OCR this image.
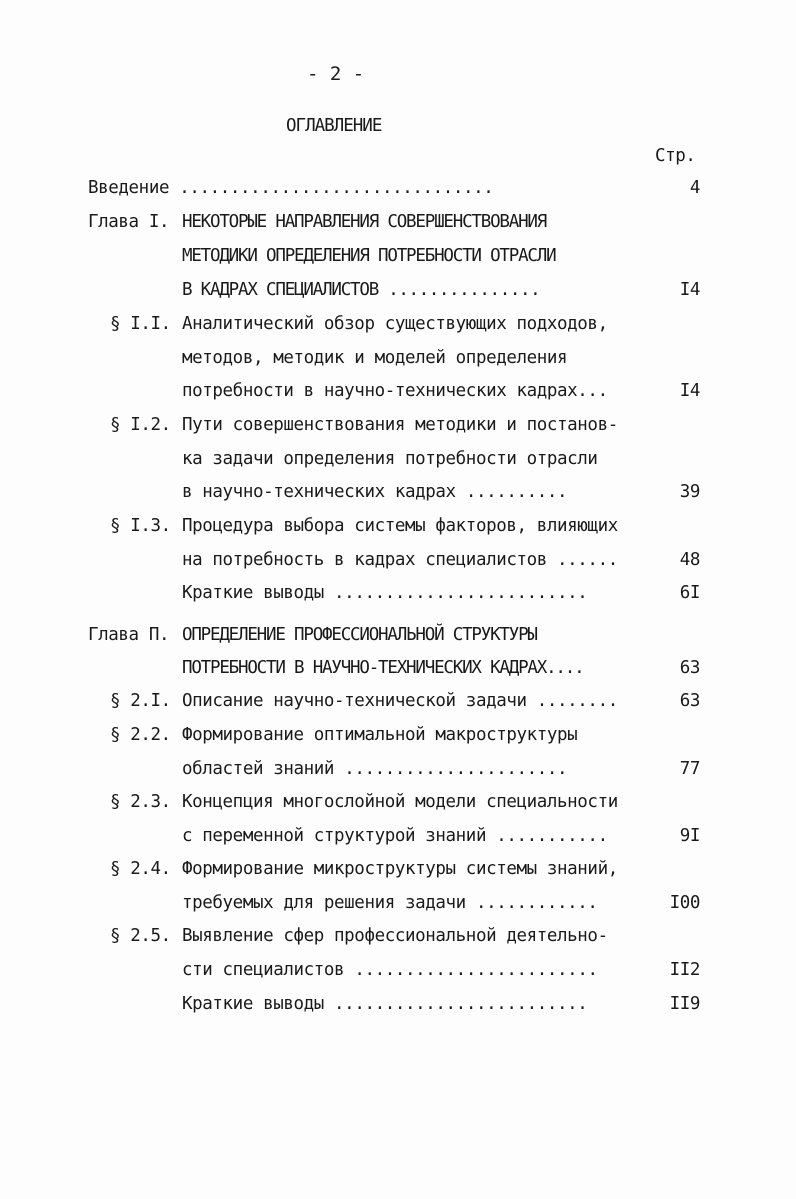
- 2 -
ОГЛАВЛЕНИЕ
Стр.
Введение ...............................	4
Глава I. НЕКОТОРЫЕ НАПРАВЛЕНИЯ СОВЕРШЕНСТВОВАНИЯ
МЕТОДИКИ ОПРЕДЕЛЕНИЯ ПОТРЕБНОСТИ ОТРАСЛИ
В КАДРАХ СПЕЦИАЛИСТОВ ...............	I4
§ I.I. Аналитический обзор существующих подходов,
методов, методик и моделей определения
потребности в научно-технических кадрах...	I4
§ I.2. Пути совершенствования методики и постанов-
ка задачи определения потребности отрасли
в научно-технических кадрах ..........	39
§ I.3. Процедура выбора системы факторов, влияющих
на потребность в кадрах специалистов ......	48
Краткие выводы .........................	6I
Глава П. ОПРЕДЕЛЕНИЕ ПРОФЕССИОНАЛЬНОЙ СТРУКТУРЫ
ПОТРЕБНОСТИ В НАУЧНО-ТЕХНИЧЕСКИХ КАДРАХ....	63
§ 2.I. Описание научно-технической задачи ........	63
§ 2.2. Формирование оптимальной макроструктуры
областей знаний ......................	77
§ 2.3. Концепция многослойной модели специальности
с переменной структурой знаний ...........	9I
§ 2.4. Формирование микроструктуры системы знаний,
требуемых для решения задачи ............	I00
§ 2.5. Выявление сфер профессиональной деятельно-
сти специалистов ........................	II2
Краткие выводы .........................	II9
